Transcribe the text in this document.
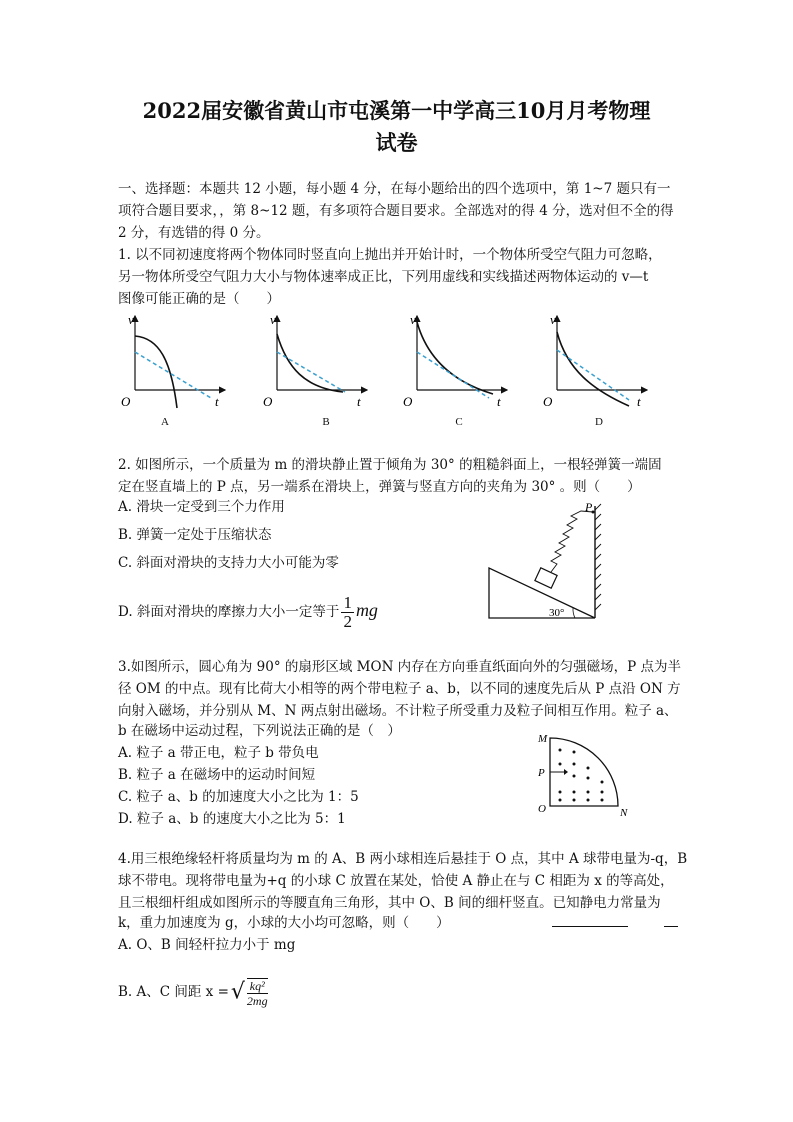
2022届安徽省黄山市屯溪第一中学高三10月月考物理
试卷
一、选择题：本题共 12 小题，每小题 4 分，在每小题给出的四个选项中，第 1~7 题只有一
项符合题目要求，，第 8~12 题，有多项符合题目要求。全部选对的得 4 分，选对但不全的得
2 分，有选错的得 0 分。
1. 以不同初速度将两个物体同时竖直向上抛出并开始计时，一个物体所受空气阻力可忽略，
另一物体所受空气阻力大小与物体速率成正比，下列用虚线和实线描述两物体运动的 v—t
图像可能正确的是（　　）
v
t
O
v
t
O
v
t
O
v
t
O
A	B	C	D
2. 如图所示，一个质量为 m 的滑块静止置于倾角为 30° 的粗糙斜面上，一根轻弹簧一端固
定在竖直墙上的 P 点，另一端系在滑块上，弹簧与竖直方向的夹角为 30° 。则（　　）
A. 滑块一定受到三个力作用
B. 弹簧一定处于压缩状态
C. 斜面对滑块的支持力大小可能为零
D. 斜面对滑块的摩擦力大小一定等于 $\frac{1}{2}$ mg
P
30°
3.如图所示，圆心角为 90° 的扇形区域 MON 内存在方向垂直纸面向外的匀强磁场，P 点为半
径 OM 的中点。现有比荷大小相等的两个带电粒子 a、b，以不同的速度先后从 P 点沿 ON 方
向射入磁场，并分别从 M、N 两点射出磁场。不计粒子所受重力及粒子间相互作用。粒子 a、
b 在磁场中运动过程，下列说法正确的是（　）
A. 粒子 a 带正电，粒子 b 带负电
B. 粒子 a 在磁场中的运动时间短
C. 粒子 a、b 的加速度大小之比为 1：5
D. 粒子 a、b 的速度大小之比为 5：1
M
P
O	N
4.用三根绝缘轻杆将质量均为 m 的 A、B 两小球相连后悬挂于 O 点，其中 A 球带电量为-q，B
球不带电。现将带电量为+q 的小球 C 放置在某处，恰使 A 静止在与 C 相距为 x 的等高处，
且三根细杆组成如图所示的等腰直角三角形，其中 O、B 间的细杆竖直。已知静电力常量为
k，重力加速度为 g，小球的大小均可忽略，则（　　）
A. O、B 间轻杆拉力小于 mg
B. A、C 间距 x =√ $\frac{\text{kq²}}{2mg}$
